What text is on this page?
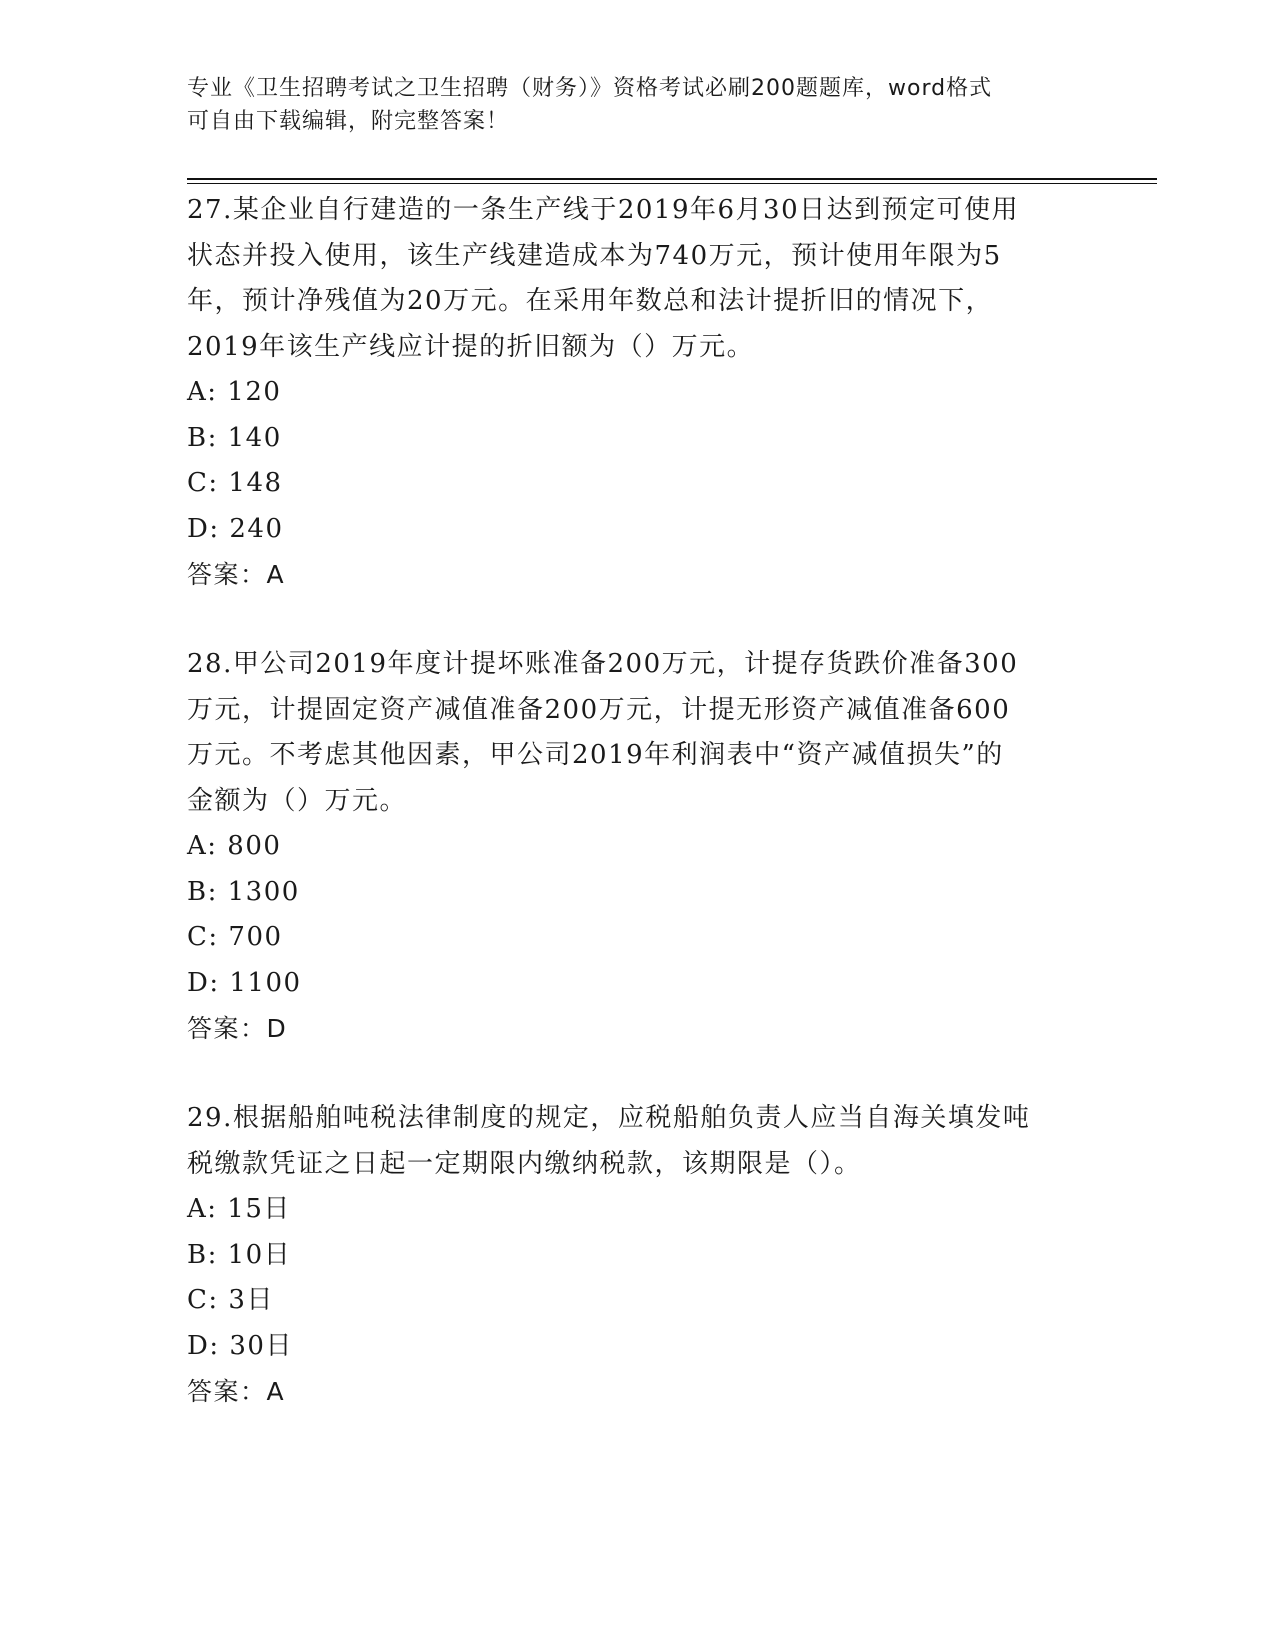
专业《卫生招聘考试之卫生招聘（财务）》资格考试必刷200题题库，word格式
可自由下载编辑，附完整答案！

27.某企业自行建造的一条生产线于2019年6月30日达到预定可使用

状态并投入使用，该生产线建造成本为740万元，预计使用年限为5

年，预计净残值为20万元。在采用年数总和法计提折旧的情况下，

2019年该生产线应计提的折旧额为（）万元。

A: 120

B: 140

C: 148

D: 240

答案：A

28.甲公司2019年度计提坏账准备200万元，计提存货跌价准备300

万元，计提固定资产减值准备200万元，计提无形资产减值准备600

万元。不考虑其他因素，甲公司2019年利润表中“资产减值损失”的

金额为（）万元。

A: 800

B: 1300

C: 700

D: 1100

答案：D

29.根据船舶吨税法律制度的规定，应税船舶负责人应当自海关填发吨

税缴款凭证之日起一定期限内缴纳税款，该期限是（）。

A: 15日

B: 10日

C: 3日

D: 30日

答案：A
